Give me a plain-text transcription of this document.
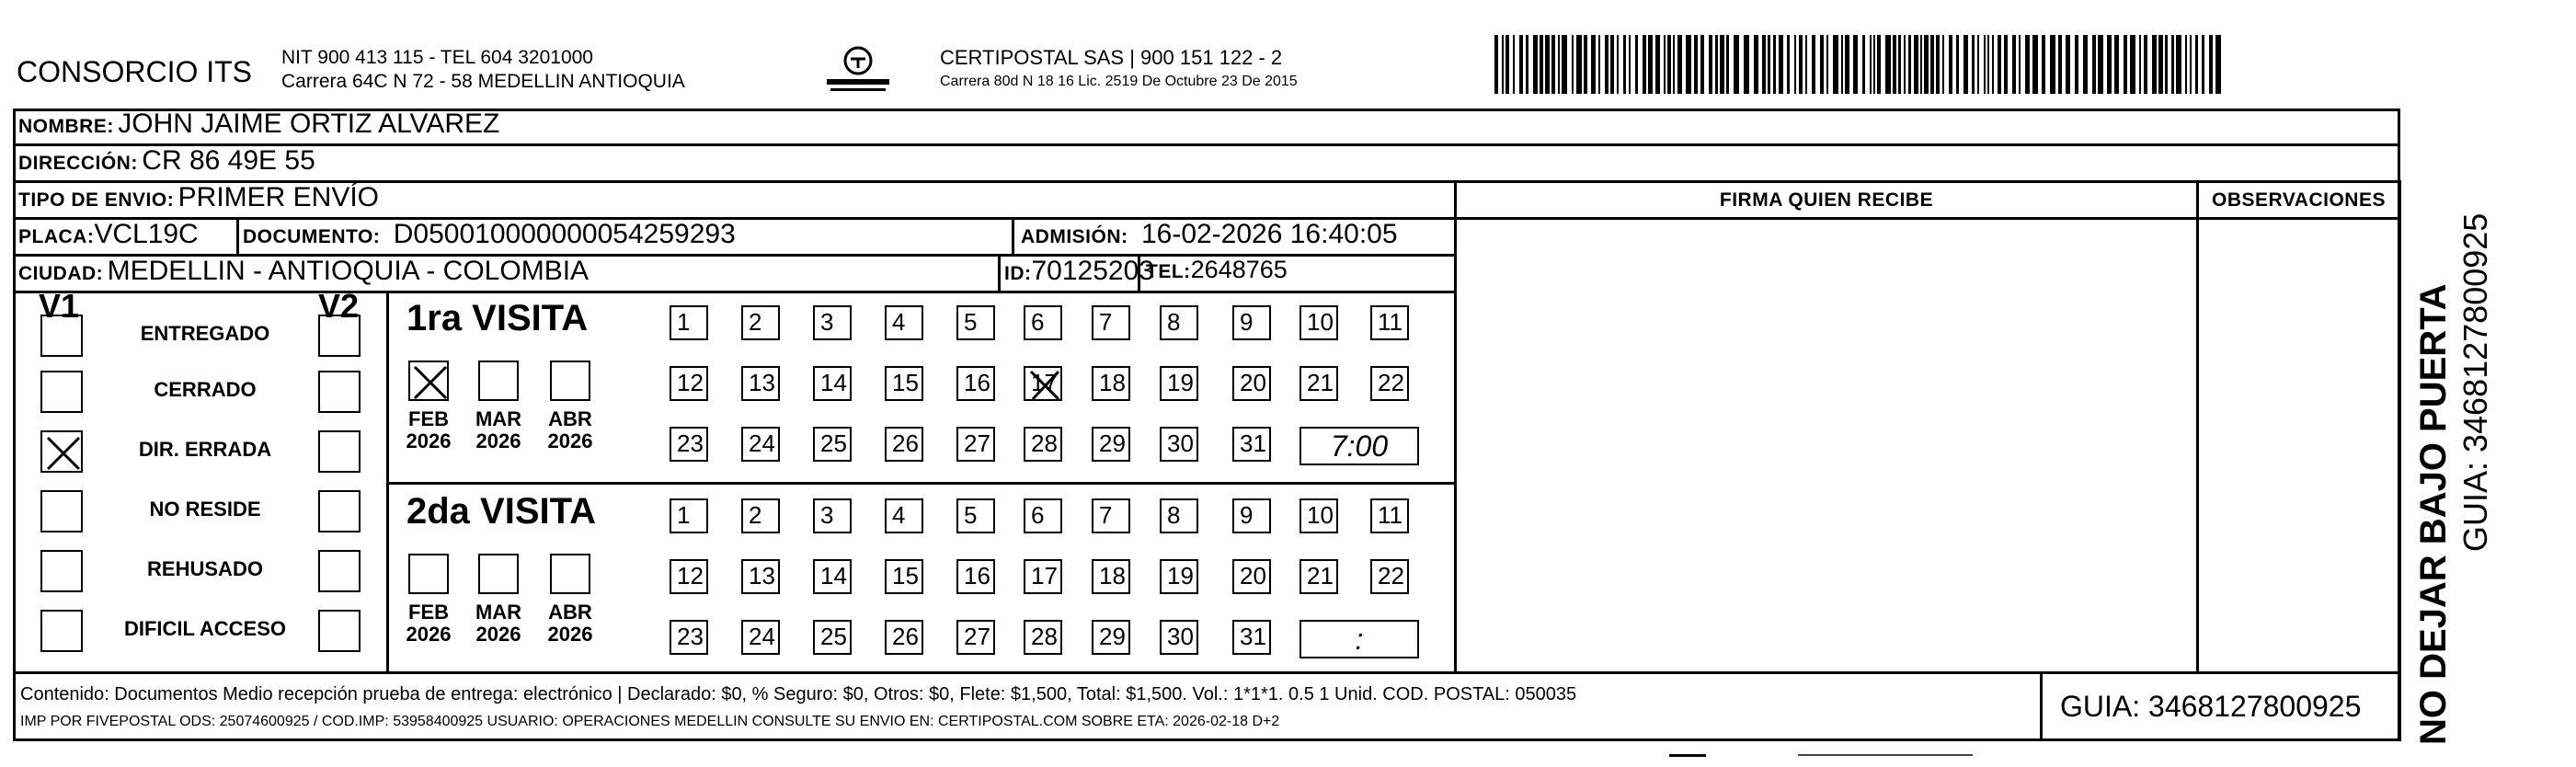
CONSORCIO ITS NIT 900 413 115 - TEL 604 3201000
Carrera 64C N 72 - 58 MEDELLIN ANTIOQUIA
CERTIPOSTAL SAS | 900 151 122 - 2
Carrera 80d N 18 16 Lic. 2519 De Octubre 23 De 2015
NOMBRE: JOHN JAIME ORTIZ ALVAREZ
DIRECCIÓN: CR 86 49E 55
TIPO DE ENVIO: PRIMER ENVÍO	FIRMA QUIEN RECIBE	OBSERVACIONES
PLACA:VCL19C DOCUMENTO: D050010000000054259293	ADMISIÓN: 16-02-2026 16:40:05
CIUDAD: MEDELLIN - ANTIOQUIA - COLOMBIA	ID:70125203
TEL:2648765
V1	V2
ENTREGADO
CERRADO
DIR. ERRADA
NO RESIDE
REHUSADO
DIFICIL ACCESO
1ra VISITA
FEB
2026
MAR
2026
ABR
2026
1	2	3	4	5	6	7	8	9	10	11
12	13	14	15	16	17	18	19	20	21	22
23	24	25	26	27	28	29	30	31	7:00
2da VISITA
FEB
2026
MAR
2026
ABR
2026
1	2	3	4	5	6	7	8	9	10	11
12	13	14	15	16	17	18	19	20	21	22
23	24	25	26	27	28	29	30	31	:
Contenido: Documentos Medio recepción prueba de entrega: electrónico | Declarado: $0, % Seguro: $0, Otros: $0, Flete: $1,500, Total: $1,500. Vol.: 1*1*1. 0.5 1 Unid. COD. POSTAL: 050035
IMP POR FIVEPOSTAL ODS: 25074600925 / COD.IMP: 53958400925 USUARIO: OPERACIONES MEDELLIN CONSULTE SU ENVIO EN: CERTIPOSTAL.COM SOBRE ETA: 2026-02-18 D+2	GUIA: 3468127800925 NO DEJAR BAJO PUERTA GUIA: 3468127800925
